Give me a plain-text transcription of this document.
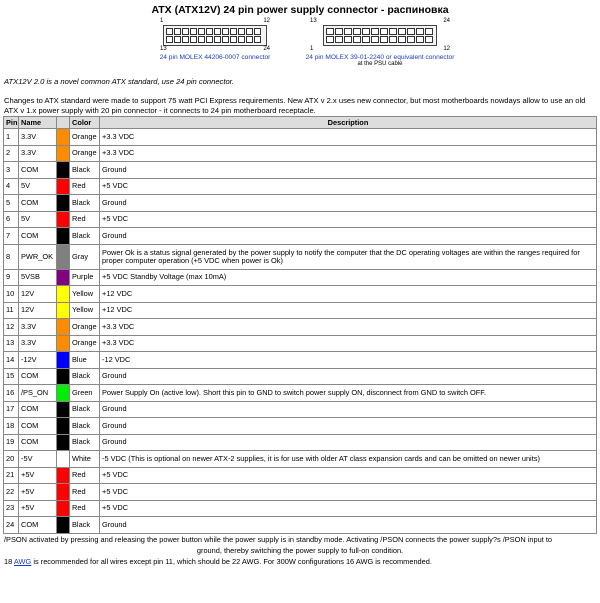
ATX (ATX12V) 24 pin power supply connector - распиновка
1	12
13	24
24 pin MOLEX 44206-0007 connector
13	24
1	12
24 pin MOLEX 39-01-2240 or equivalent connector
at the PSU cable

ATX12V 2.0 is a novel common ATX standard, use 24 pin connector.

Changes to ATX standard were made to support 75 watt PCI Express requirements. New ATX v 2.x uses new connector, but most motherboards nowdays allow to use an old ATX v 1.x power supply with 20 pin connector - it connects to 24 pin motherboard receptacle.

Pin	Name		Color	Description
1	3.3V		Orange	+3.3 VDC
2	3.3V		Orange	+3.3 VDC
3	COM		Black	Ground
4	5V		Red	+5 VDC
5	COM		Black	Ground
6	5V		Red	+5 VDC
7	COM		Black	Ground
8	PWR_OK		Gray	Power Ok is a status signal generated by the power supply to notify the computer that the DC operating voltages are within the ranges required for proper computer operation (+5 VDC when power is Ok)
9	5VSB		Purple	+5 VDC Standby Voltage (max 10mA)
10	12V		Yellow	+12 VDC
11	12V		Yellow	+12 VDC
12	3.3V		Orange	+3.3 VDC
13	3.3V		Orange	+3.3 VDC
14	-12V		Blue	-12 VDC
15	COM		Black	Ground
16	/PS_ON		Green	Power Supply On (active low). Short this pin to GND to switch power supply ON, disconnect from GND to switch OFF.
17	COM		Black	Ground
18	COM		Black	Ground
19	COM		Black	Ground
20	-5V		White	-5 VDC (This is optional on newer ATX-2 supplies, it is for use with older AT class expansion cards and can be omitted on newer units)
21	+5V		Red	+5 VDC
22	+5V		Red	+5 VDC
23	+5V		Red	+5 VDC
24	COM		Black	Ground

/PSON activated by pressing and releasing the power button while the power supply is in standby mode. Activating /PSON connects the power supply?s /PSON input to

ground, thereby switching the power supply to full-on condition.

18 AWG is recommended for all wires except pin 11, which should be 22 AWG. For 300W configurations 16 AWG is recommended.
